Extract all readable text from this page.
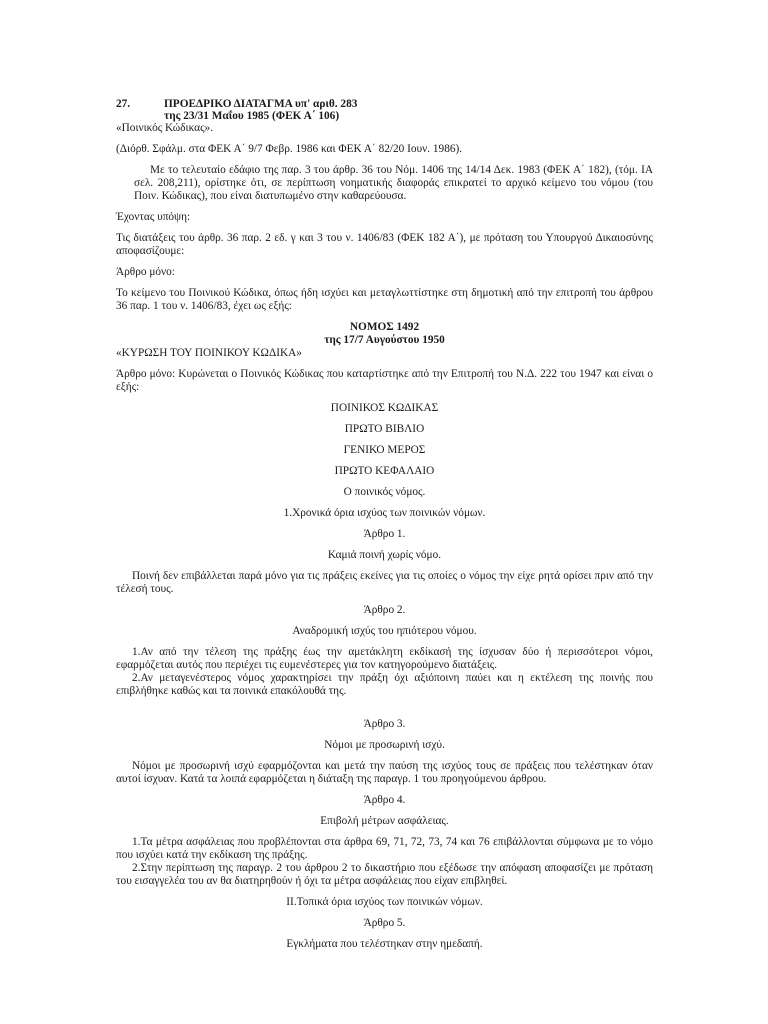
27.	ΠΡΟΕΔΡΙΚΟ ΔΙΑΤΑΓΜΑ υπ' αριθ. 283
της 23/31 Μαΐου 1985 (ΦΕΚ Α΄ 106)

«Ποινικός Κώδικας».

(Διόρθ. Σφάλμ. στα ΦΕΚ Α΄ 9/7 Φεβρ. 1986 και ΦΕΚ Α΄ 82/20 Ιουν. 1986).

Με το τελευταίο εδάφιο της παρ. 3 του άρθρ. 36 του Νόμ. 1406 της 14/14 Δεκ. 1983 (ΦΕΚ Α΄ 182), (τόμ. ΙΑ σελ. 208,211), ορίστηκε ότι, σε περίπτωση νοηματικής διαφοράς επικρατεί το αρχικό κείμενο του νόμου (του Ποιν. Κώδικας), που είναι διατυπωμένο στην καθαρεύουσα.

Έχοντας υπόψη:

Τις διατάξεις του άρθρ. 36 παρ. 2 εδ. γ και 3 του ν. 1406/83 (ΦΕΚ 182 Α΄), με πρόταση του Υπουργού Δικαιοσύνης αποφασίζουμε:

Άρθρο μόνο:

Το κείμενο του Ποινικού Κώδικα, όπως ήδη ισχύει και μεταγλωττίστηκε στη δημοτική από την επιτροπή του άρθρου 36 παρ. 1 του ν. 1406/83, έχει ως εξής:

ΝΟΜΟΣ 1492
της 17/7 Αυγούστου 1950

«ΚΥΡΩΣΗ ΤΟΥ ΠΟΙΝΙΚΟΥ ΚΩΔΙΚΑ»

Άρθρο μόνο: Κυρώνεται ο Ποινικός Κώδικας που καταρτίστηκε από την Επιτροπή του Ν.Δ. 222 του 1947 και είναι ο εξής:

ΠΟΙΝΙΚΟΣ ΚΩΔΙΚΑΣ
ΠΡΩΤΟ ΒΙΒΛΙΟ
ΓΕΝΙΚΟ ΜΕΡΟΣ
ΠΡΩΤΟ ΚΕΦΑΛΑΙΟ
Ο ποινικός νόμος.
1.Χρονικά όρια ισχύος των ποινικών νόμων.
Άρθρο 1.
Καμιά ποινή χωρίς νόμο.

Ποινή δεν επιβάλλεται παρά μόνο για τις πράξεις εκείνες για τις οποίες ο νόμος την είχε ρητά ορίσει πριν από την τέλεσή τους.

Άρθρο 2.
Αναδρομική ισχύς του ηπιότερου νόμου.

1.Αν από την τέλεση της πράξης έως την αμετάκλητη εκδίκασή της ίσχυσαν δύο ή περισσότεροι νόμοι, εφαρμόζεται αυτός που περιέχει τις ευμενέστερες για τον κατηγορούμενο διατάξεις.

2.Αν μεταγενέστερος νόμος χαρακτηρίσει την πράξη όχι αξιόποινη παύει και η εκτέλεση της ποινής που επιβλήθηκε καθώς και τα ποινικά επακόλουθά της.

Άρθρο 3.
Νόμοι με προσωρινή ισχύ.

Νόμοι με προσωρινή ισχύ εφαρμόζονται και μετά την παύση της ισχύος τους σε πράξεις που τελέστηκαν όταν αυτοί ίσχυαν. Κατά τα λοιπά εφαρμόζεται η διάταξη της παραγρ. 1 του προηγούμενου άρθρου.

Άρθρο 4.
Επιβολή μέτρων ασφάλειας.

1.Τα μέτρα ασφάλειας που προβλέπονται στα άρθρα 69, 71, 72, 73, 74 και 76 επιβάλλονται σύμφωνα με το νόμο που ισχύει κατά την εκδίκαση της πράξης.

2.Στην περίπτωση της παραγρ. 2 του άρθρου 2 το δικαστήριο που εξέδωσε την απόφαση αποφασίζει με πρόταση του εισαγγελέα του αν θα διατηρηθούν ή όχι τα μέτρα ασφάλειας που είχαν επιβληθεί.

ΙΙ.Τοπικά όρια ισχύος των ποινικών νόμων.
Άρθρο 5.
Εγκλήματα που τελέστηκαν στην ημεδαπή.
